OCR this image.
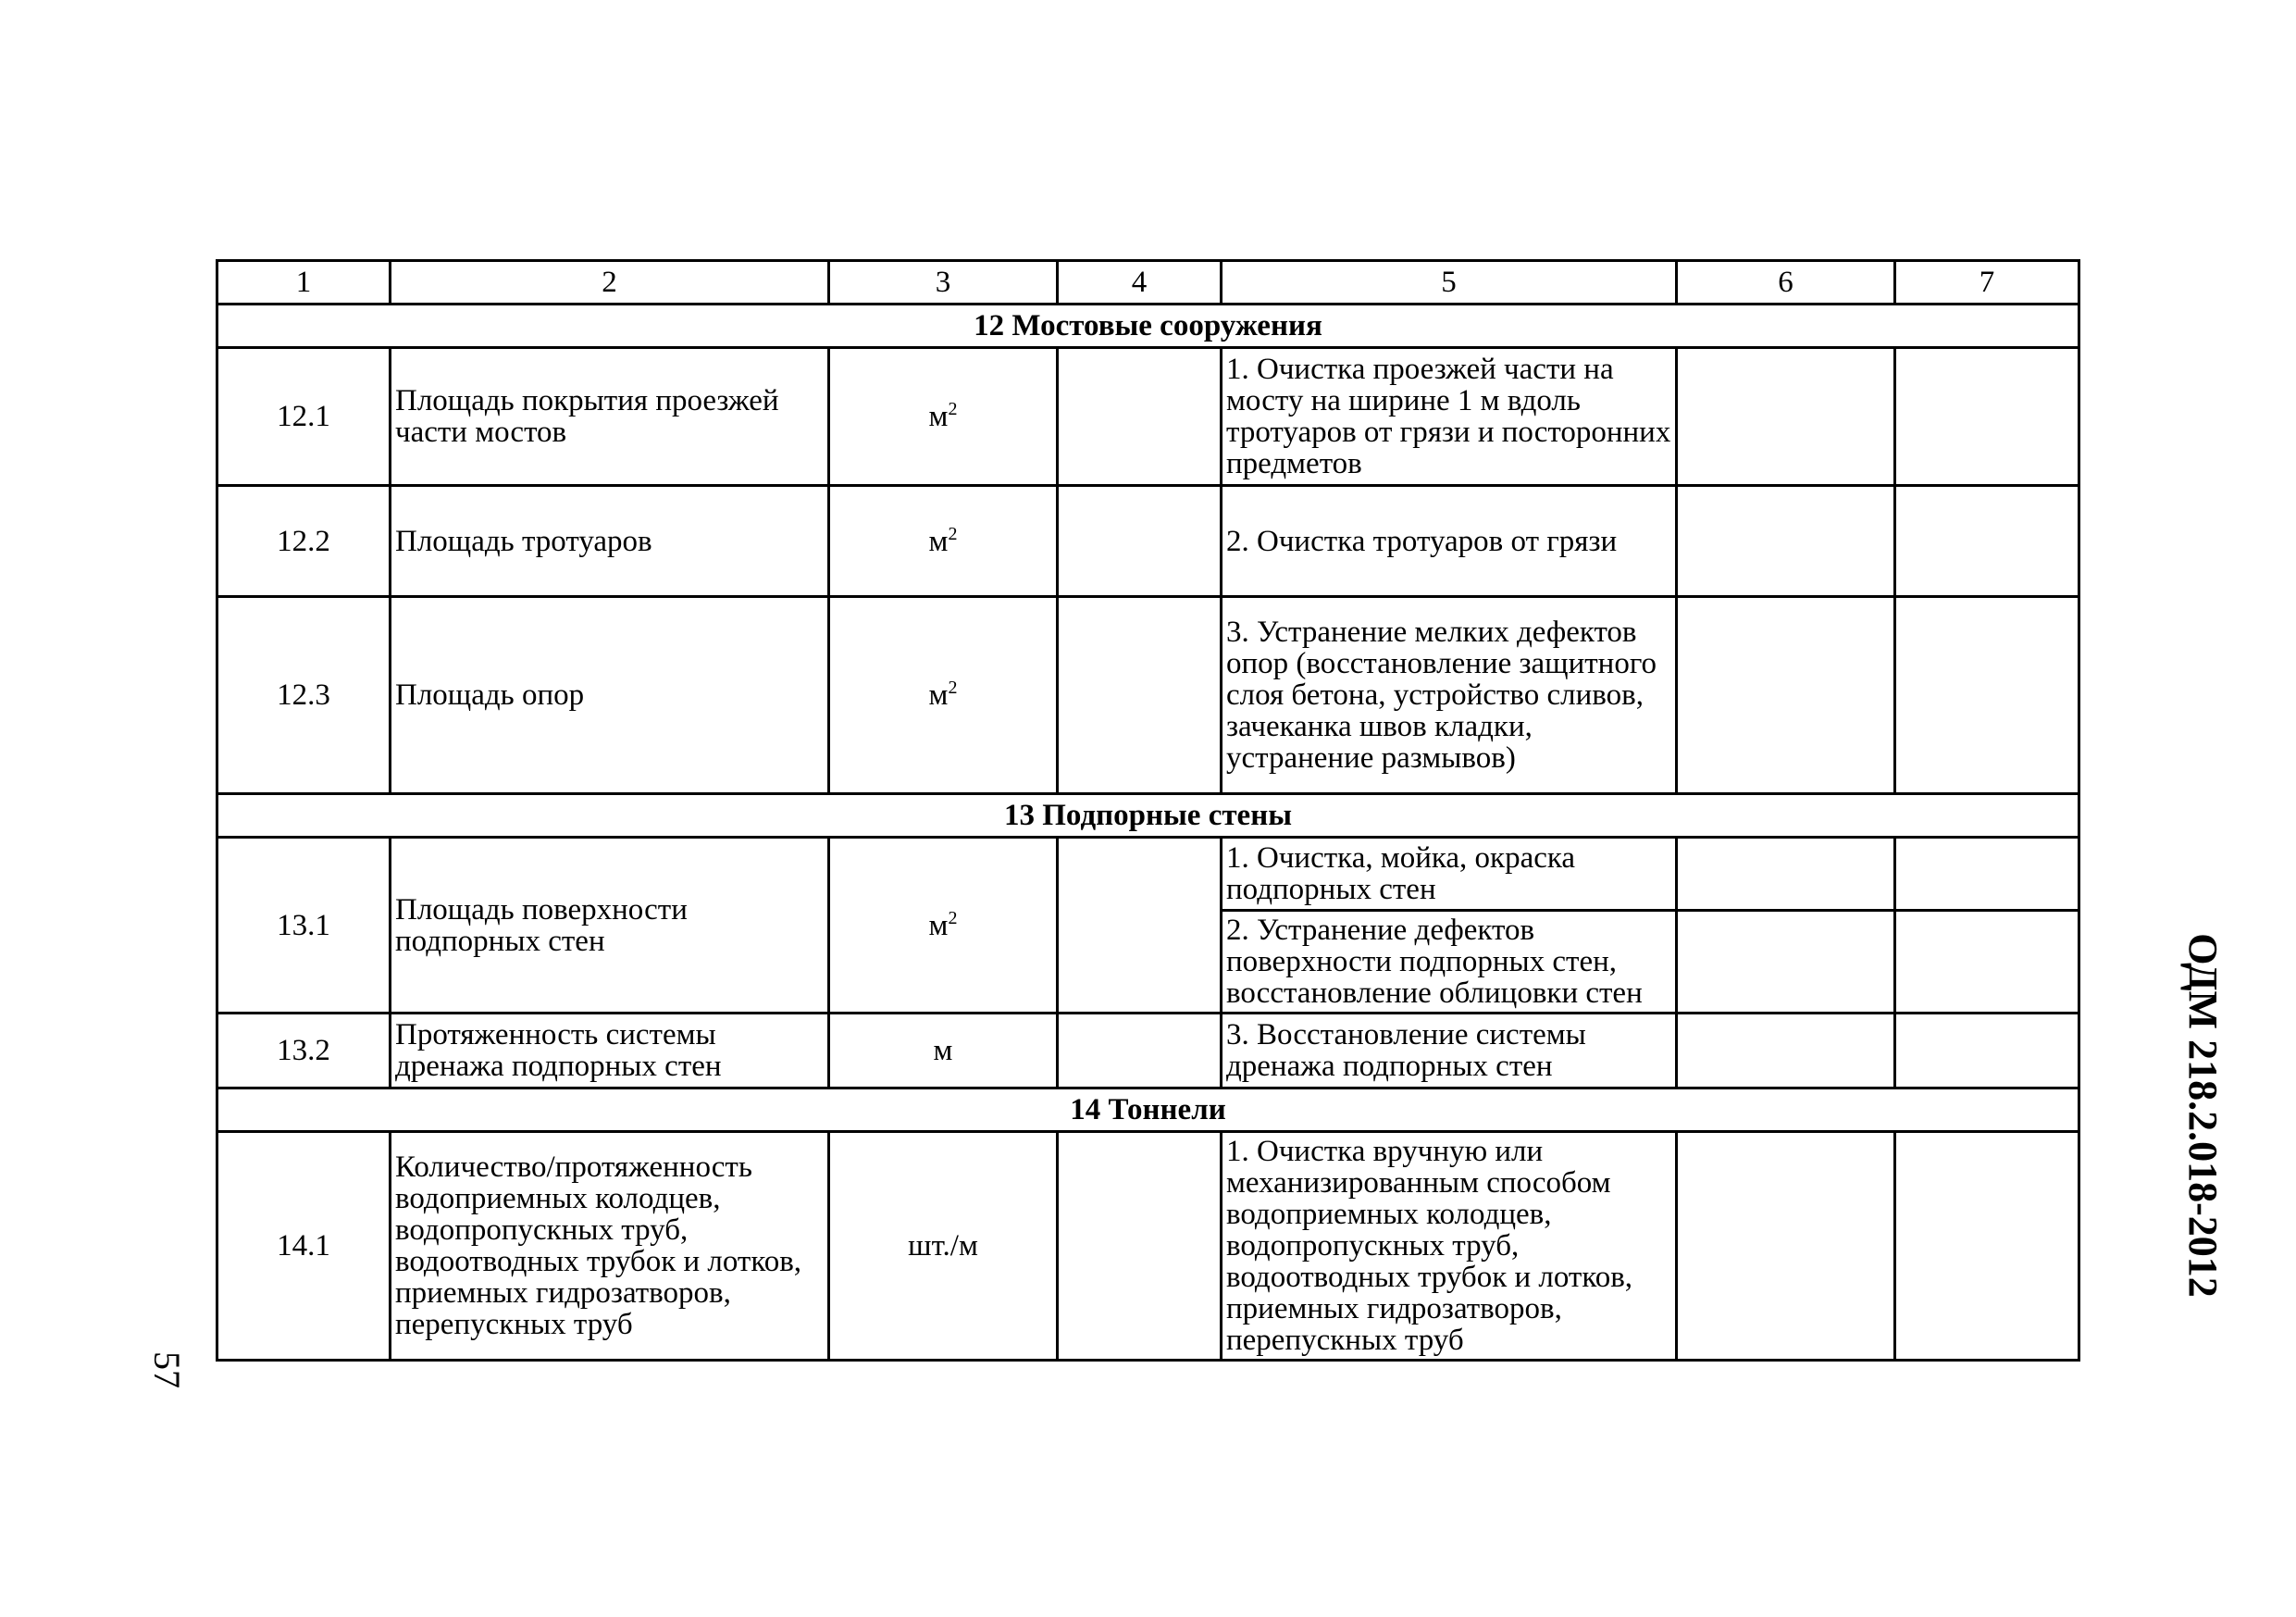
1	2	3	4	5	6	7
12 Мостовые сооружения						
12.1	Площадь покрытия проезжей части мостов	$м^2$		1. Очистка проезжей части на мосту на ширине 1 м вдоль тротуаров от грязи и посторонних предметов		
12.2	Площадь тротуаров	$м^2$		2. Очистка тротуаров от грязи		
12.3	Площадь опор	$м^2$		3. Устранение мелких дефектов опор (восстановление защитного слоя бетона, устройство сливов, зачеканка швов кладки, устранение размывов)		
13 Подпорные стены						
13.1	Площадь поверхности подпорных стен	$м^2$		1. Очистка, мойка, окраска подпорных стен		
				2. Устранение дефектов поверхности подпорных стен, восстановление облицовки стен		
13.2	Протяженность системы дренажа подпорных стен	м		3. Восстановление системы дренажа подпорных стен		
14 Тоннели						
14.1	Количество/протяженность водоприемных колодцев, водопропускных труб, водоотводных трубок и лотков, приемных гидрозатворов, перепускных труб	шт./м		1. Очистка вручную или механизированным способом водоприемных колодцев, водопропускных труб, водоотводных трубок и лотков, приемных гидрозатворов, перепускных труб		
ОДМ 218.2.018-2012
57
